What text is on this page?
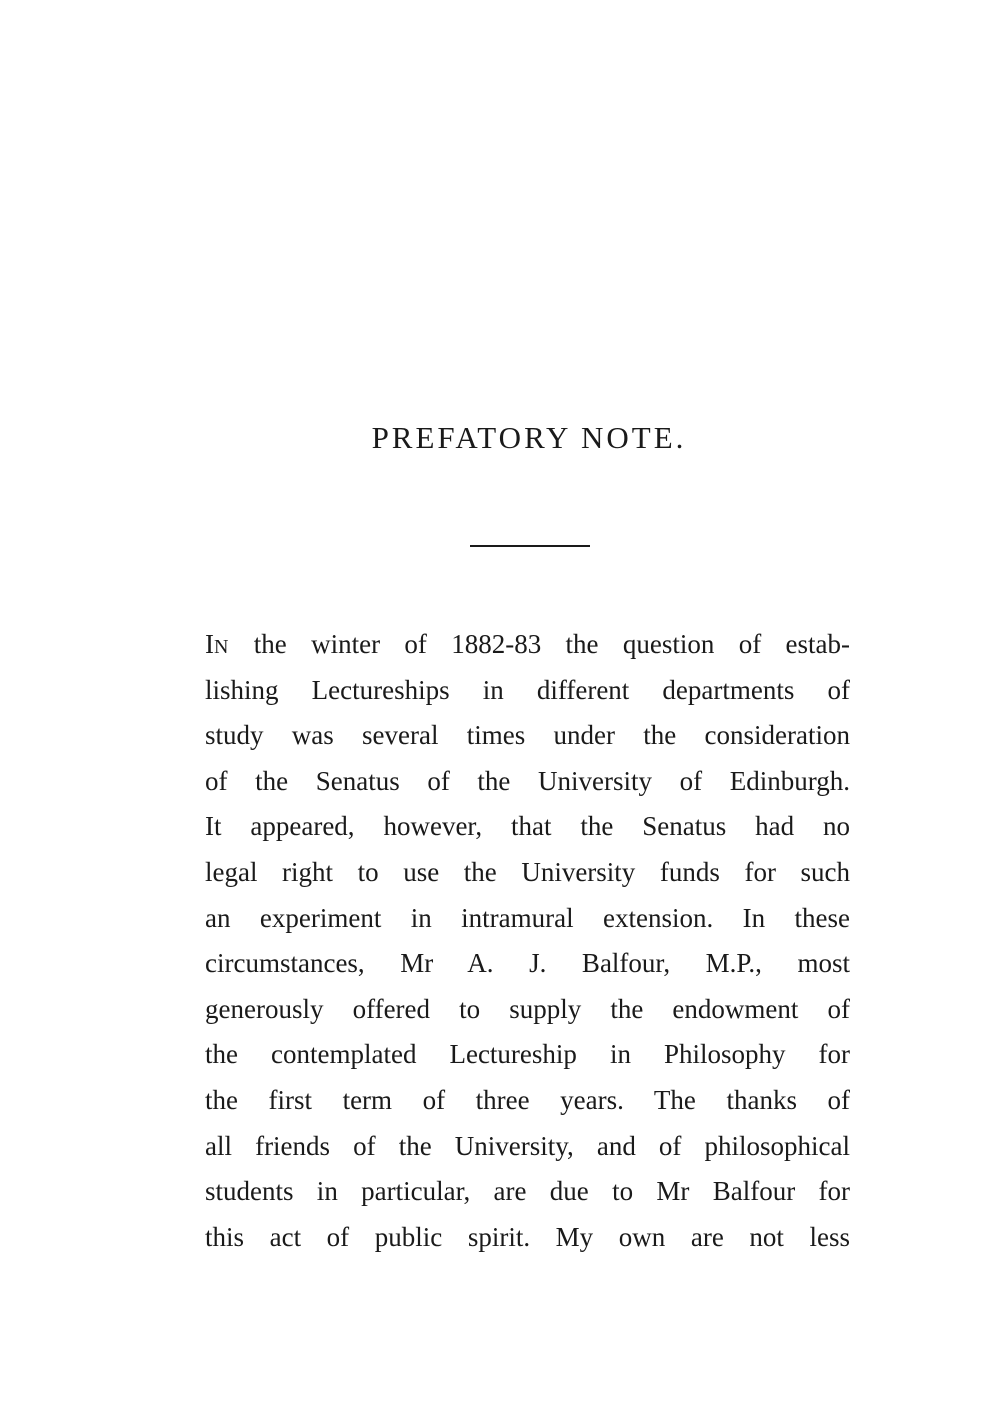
PREFATORY NOTE.
IN the winter of 1882-83 the question of estab-
lishing Lectureships in different departments of
study was several times under the consideration
of the Senatus of the University of Edinburgh.
It appeared, however, that the Senatus had no
legal right to use the University funds for such
an experiment in intramural extension. In these
circumstances, Mr A. J. Balfour, M.P., most
generously offered to supply the endowment of
the contemplated Lectureship in Philosophy for
the first term of three years. The thanks of
all friends of the University, and of philosophical
students in particular, are due to Mr Balfour for
this act of public spirit. My own are not less
